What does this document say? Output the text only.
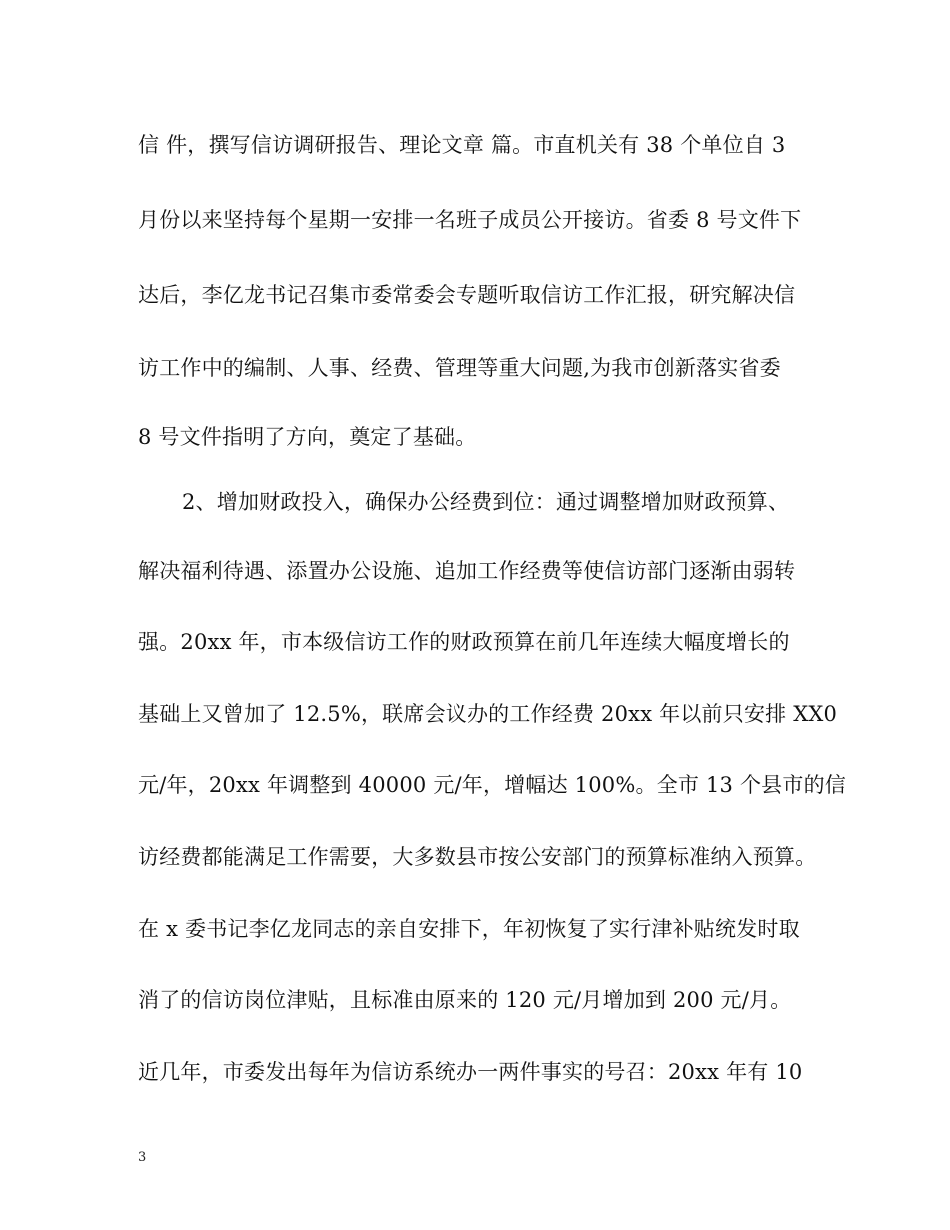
信 件，撰写信访调研报告、理论文章 篇。市直机关有 38 个单位自 3
月份以来坚持每个星期一安排一名班子成员公开接访。省委 8 号文件下
达后，李亿龙书记召集市委常委会专题听取信访工作汇报，研究解决信
访工作中的编制、人事、经费、管理等重大问题,为我市创新落实省委
8 号文件指明了方向，奠定了基础。
2、增加财政投入，确保办公经费到位：通过调整增加财政预算、
解决福利待遇、添置办公设施、追加工作经费等使信访部门逐渐由弱转
强。20xx 年，市本级信访工作的财政预算在前几年连续大幅度增长的
基础上又曾加了 12.5%，联席会议办的工作经费 20xx 年以前只安排 XX0
元/年，20xx 年调整到 40000 元/年，增幅达 100%。全市 13 个县市的信
访经费都能满足工作需要，大多数县市按公安部门的预算标准纳入预算。
在 x 委书记李亿龙同志的亲自安排下，年初恢复了实行津补贴统发时取
消了的信访岗位津贴，且标准由原来的 120 元/月增加到 200 元/月。
近几年，市委发出每年为信访系统办一两件事实的号召：20xx 年有 10
3
